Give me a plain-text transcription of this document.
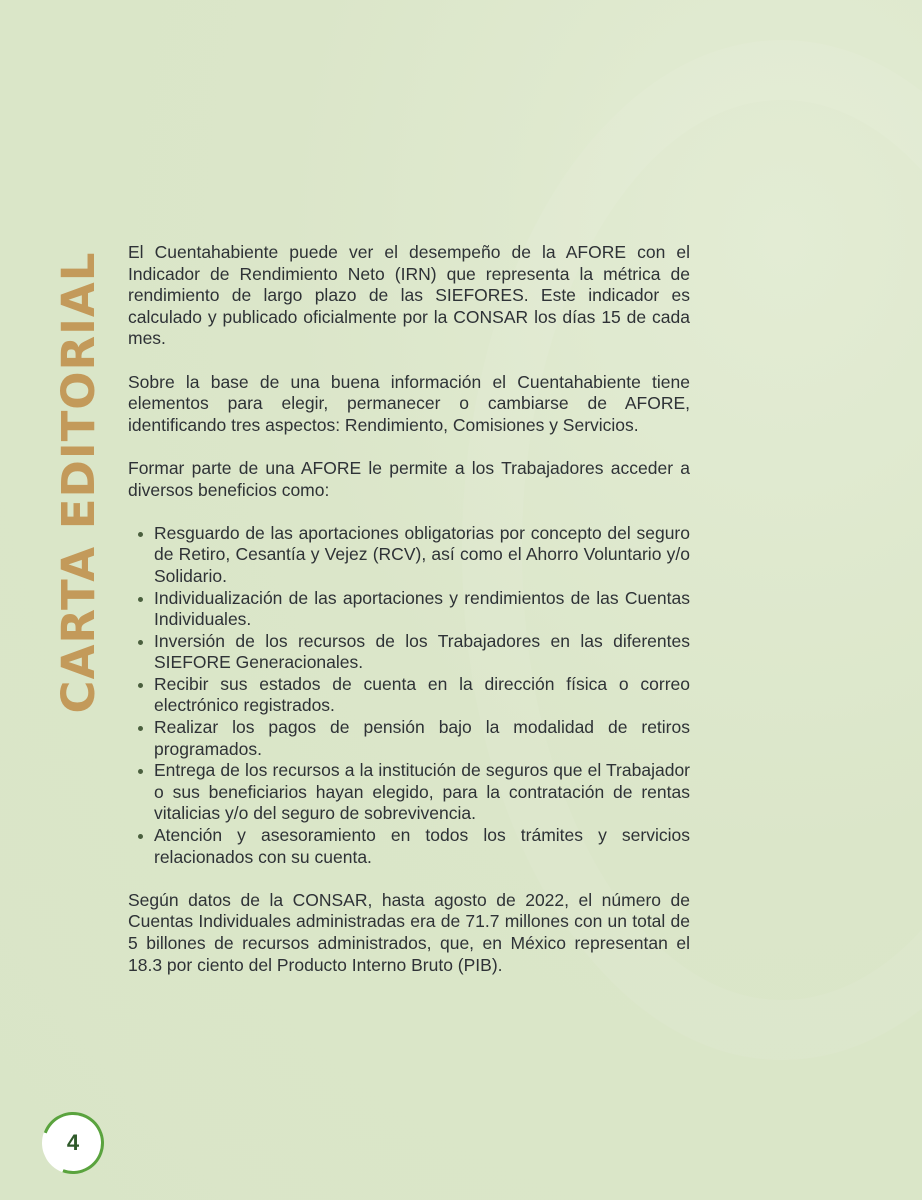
CARTA EDITORIAL El Cuentahabiente puede ver el desempeño de la AFORE con el Indicador de Rendimiento Neto (IRN) que representa la métrica de rendimiento de largo plazo de las SIEFORES. Este indicador es calculado y publicado oficialmente por la CONSAR los días 15 de cada mes.

Sobre la base de una buena información el Cuentahabiente tiene elementos para elegir, permanecer o cambiarse de AFORE, identificando tres aspectos: Rendimiento, Comisiones y Servicios.

Formar parte de una AFORE le permite a los Trabajadores acceder a diversos beneficios como:

Resguardo de las aportaciones obligatorias por concepto del seguro de Retiro, Cesantía y Vejez (RCV), así como el Ahorro Voluntario y/o Solidario.
Individualización de las aportaciones y rendimientos de las Cuentas Individuales.
Inversión de los recursos de los Trabajadores en las diferentes SIEFORE Generacionales.
Recibir sus estados de cuenta en la dirección física o correo electrónico registrados.
Realizar los pagos de pensión bajo la modalidad de retiros programados.
Entrega de los recursos a la institución de seguros que el Trabajador o sus beneficiarios hayan elegido, para la contratación de rentas vitalicias y/o del seguro de sobrevivencia.
Atención y asesoramiento en todos los trámites y servicios relacionados con su cuenta.

Según datos de la CONSAR, hasta agosto de 2022, el número de Cuentas Individuales administradas era de 71.7 millones con un total de 5 billones de recursos administrados, que, en México representan el 18.3 por ciento del Producto Interno Bruto (PIB).

4
